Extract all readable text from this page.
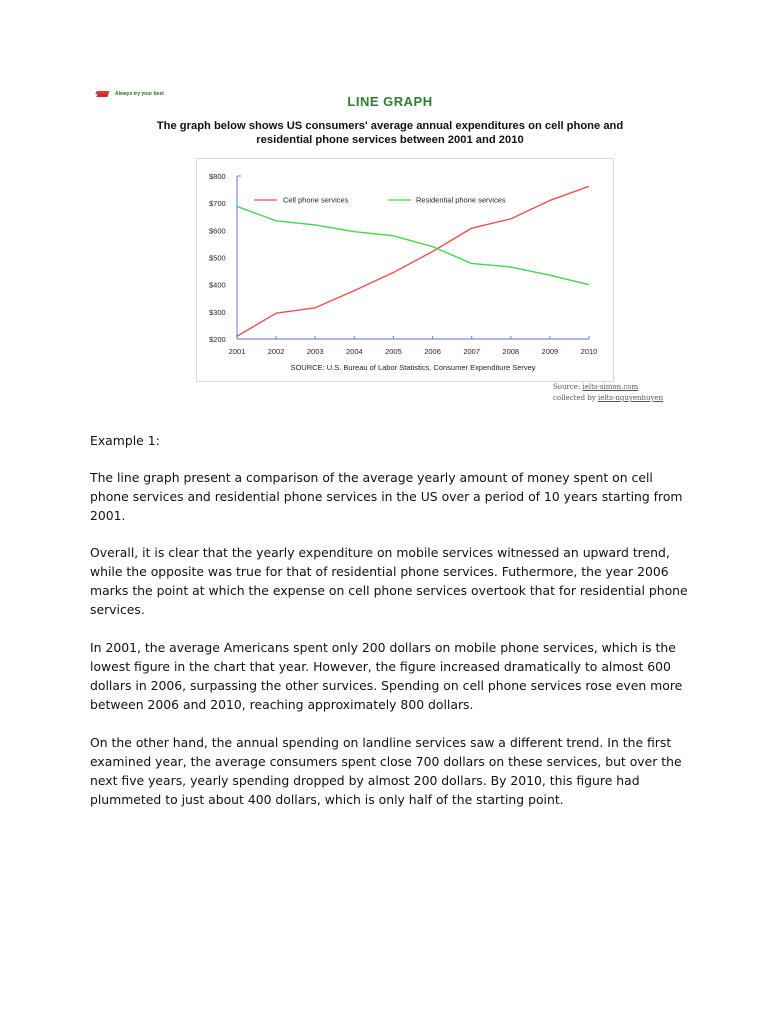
Always try your best	LINE GRAPH
The graph below shows US consumers' average annual expenditures on cell phone and
residential phone services between 2001 and 2010
$800
$700
$600
$500
$400
$300
$200
2001	2002	2003	2004	2005	2006	2007	2008	2009	2010
Cell phone services	Residential phone services
SOURCE: U.S. Bureau of Labor Statistics, Consumer Expenditure Servey
Source: ielts-simon.com
collected by ielts-nguyenhuyen

Example 1:

The line graph present a comparison of the average yearly amount of money spent on cell phone services and residential phone services in the US over a period of 10 years starting from 2001.

Overall, it is clear that the yearly expenditure on mobile services witnessed an upward trend, while the opposite was true for that of residential phone services. Futhermore, the year 2006 marks the point at which the expense on cell phone services overtook that for residential phone services.

In 2001, the average Americans spent only 200 dollars on mobile phone services, which is the lowest figure in the chart that year. However, the figure increased dramatically to almost 600 dollars in 2006, surpassing the other survices. Spending on cell phone services rose even more between 2006 and 2010, reaching approximately 800 dollars.

On the other hand, the annual spending on landline services saw a different trend. In the first examined year, the average consumers spent close 700 dollars on these services, but over the next five years, yearly spending dropped by almost 200 dollars. By 2010, this figure had plummeted to just about 400 dollars, which is only half of the starting point.
